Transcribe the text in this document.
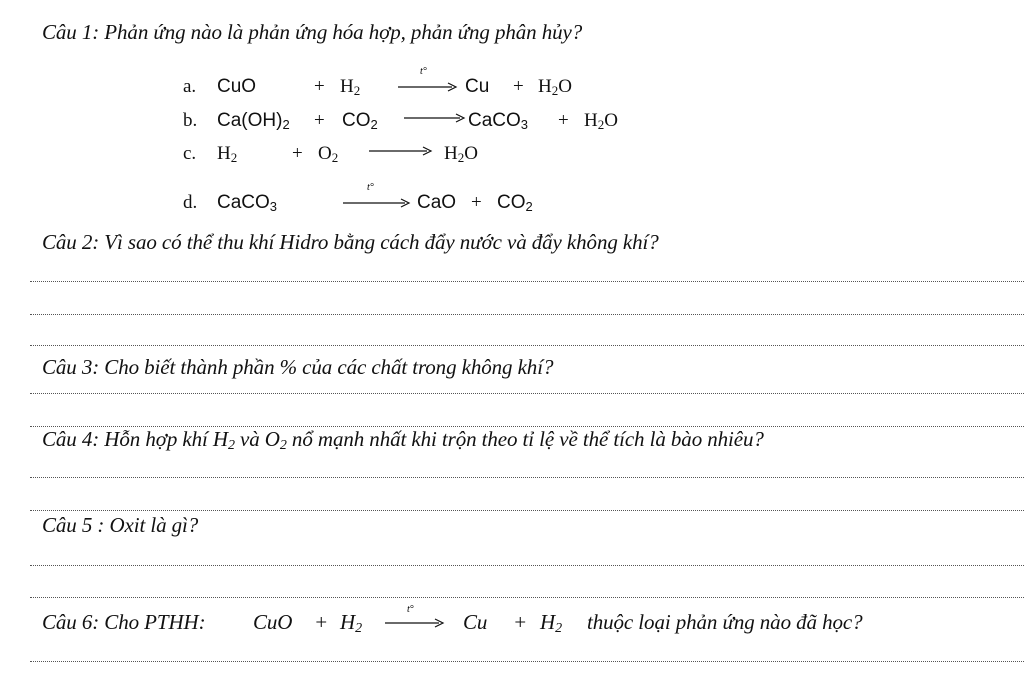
Câu 1: Phản ứng nào là phản ứng hóa hợp, phản ứng phân hủy?
a. CuO	+ $H_2$
t°
$Cu + H_2O$
b. $Ca(OH)_2 + CO_2$ → CaCO$_3$ + $H_2O$
c. $H_2$	+ $O_2 \to H_2O$
d. CaCO$_3$
t°
CaO + $CO_2$
Câu 2: Vì sao có thể thu khí Hidro bằng cách đẩy nước và đẩy không khí?
Câu 3: Cho biết thành phần % của các chất trong không khí?
Câu 4: Hỗn hợp khí $H_2$ và $O_2$ nổ mạnh nhất khi trộn theo tỉ lệ về thể tích là bào nhiêu?
Câu 5 : Oxit là gì?
Câu 6: Cho PTHH: CuO + $H_2$
t°
$Cu + H_2$ thuộc loại phản ứng nào đã học?
